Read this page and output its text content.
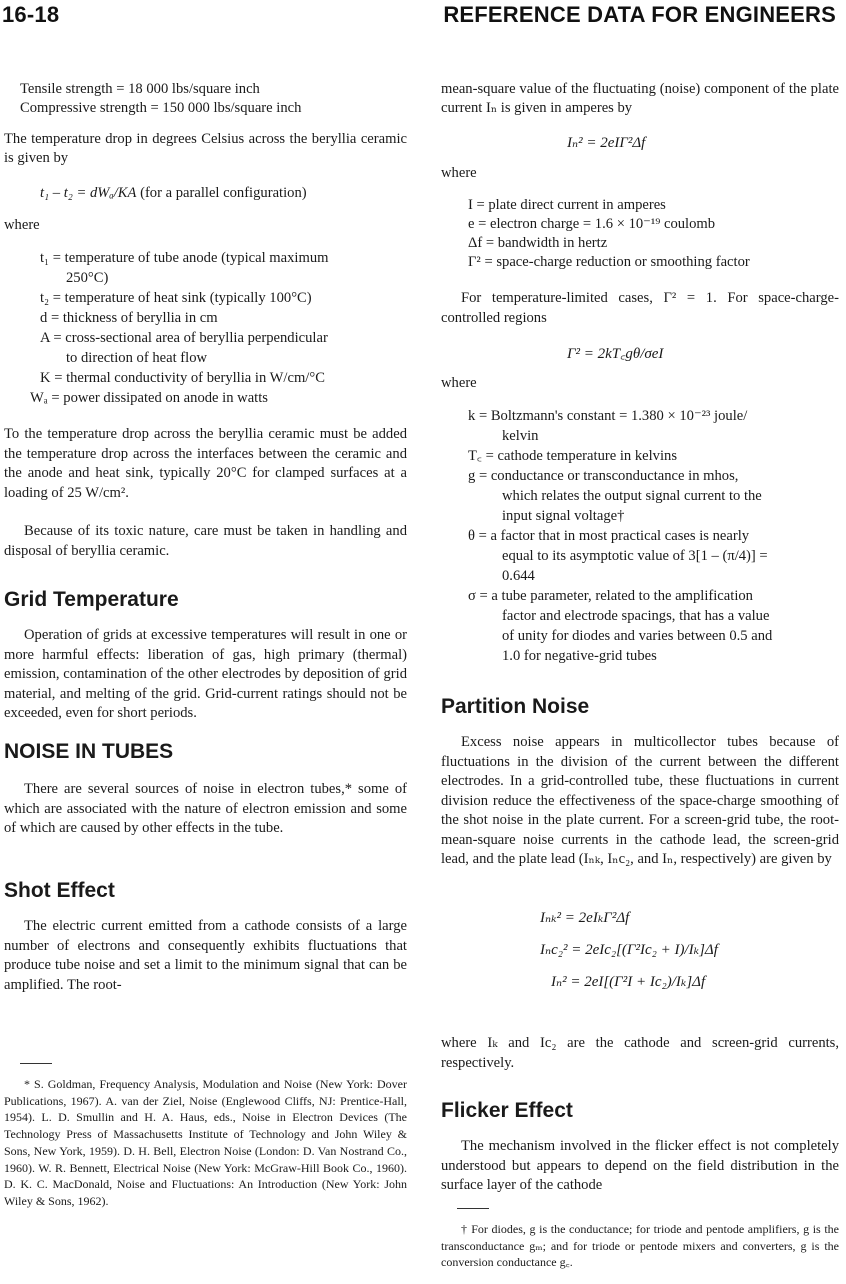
16-18	REFERENCE DATA FOR ENGINEERS
Tensile strength = 18 000 lbs/square inch
Compressive strength = 150 000 lbs/square inch

The temperature drop in degrees Celsius across the beryllia ceramic is given by

t₁ – t₂ = dWₐ/KA (for a parallel configuration)
where
t₁ = temperature of tube anode (typical maximum
250°C)
t₂ = temperature of heat sink (typically 100°C)
d = thickness of beryllia in cm
A = cross-sectional area of beryllia perpendicular
to direction of heat flow
K = thermal conductivity of beryllia in W/cm/°C
Wₐ = power dissipated on anode in watts

To the temperature drop across the beryllia ceramic must be added the temperature drop across the interfaces between the ceramic and the anode and heat sink, typically 20°C for clamped surfaces at a loading of 25 W/cm².

Because of its toxic nature, care must be taken in handling and disposal of beryllia ceramic.

Grid Temperature

Operation of grids at excessive temperatures will result in one or more harmful effects: liberation of gas, high primary (thermal) emission, contamination of the other electrodes by deposition of grid material, and melting of the grid. Grid-current ratings should not be exceeded, even for short periods.

NOISE IN TUBES

There are several sources of noise in electron tubes,* some of which are associated with the nature of electron emission and some of which are caused by other effects in the tube.

Shot Effect

The electric current emitted from a cathode consists of a large number of electrons and consequently exhibits fluctuations that produce tube noise and set a limit to the minimum signal that can be amplified. The root-

* S. Goldman, Frequency Analysis, Modulation and Noise (New York: Dover Publications, 1967). A. van der Ziel, Noise (Englewood Cliffs, NJ: Prentice-Hall, 1954). L. D. Smullin and H. A. Haus, eds., Noise in Electron Devices (The Technology Press of Massachusetts Institute of Technology and John Wiley & Sons, New York, 1959). D. H. Bell, Electron Noise (London: D. Van Nostrand Co., 1960). W. R. Bennett, Electrical Noise (New York: McGraw-Hill Book Co., 1960). D. K. C. MacDonald, Noise and Fluctuations: An Introduction (New York: John Wiley & Sons, 1962).

mean-square value of the fluctuating (noise) component of the plate current Iₙ is given in amperes by

Iₙ² = 2eIΓ²Δf
where
I = plate direct current in amperes
e = electron charge = 1.6 × 10⁻¹⁹ coulomb
Δf = bandwidth in hertz
Γ² = space-charge reduction or smoothing factor

For temperature-limited cases, Γ² = 1. For space-charge-controlled regions

Γ² = 2kT꜀gθ/σeI
where
k = Boltzmann's constant = 1.380 × 10⁻²³ joule/
kelvin
T꜀ = cathode temperature in kelvins
g = conductance or transconductance in mhos,
which relates the output signal current to the
input signal voltage†
θ = a factor that in most practical cases is nearly
equal to its asymptotic value of 3[1 – (π/4)] =
0.644
σ = a tube parameter, related to the amplification
factor and electrode spacings, that has a value
of unity for diodes and varies between 0.5 and
1.0 for negative-grid tubes
Partition Noise

Excess noise appears in multicollector tubes because of fluctuations in the division of the current between the different electrodes. In a grid-controlled tube, these fluctuations in current division reduce the effectiveness of the space-charge smoothing of the shot noise in the plate current. For a screen-grid tube, the root-mean-square noise currents in the cathode lead, the screen-grid lead, and the plate lead (Iₙₖ, Iₙc₂, and Iₙ, respectively) are given by

Iₙₖ² = 2eIₖΓ²Δf
Iₙc₂² = 2eIc₂[(Γ²Ic₂ + I)/Iₖ]Δf
Iₙ² = 2eI[(Γ²I + Ic₂)/Iₖ]Δf

where Iₖ and Ic₂ are the cathode and screen-grid currents, respectively.

Flicker Effect

The mechanism involved in the flicker effect is not completely understood but appears to depend on the field distribution in the surface layer of the cathode

† For diodes, g is the conductance; for triode and pentode amplifiers, g is the transconductance gₘ; and for triode or pentode mixers and converters, g is the conversion conductance g꜀.
